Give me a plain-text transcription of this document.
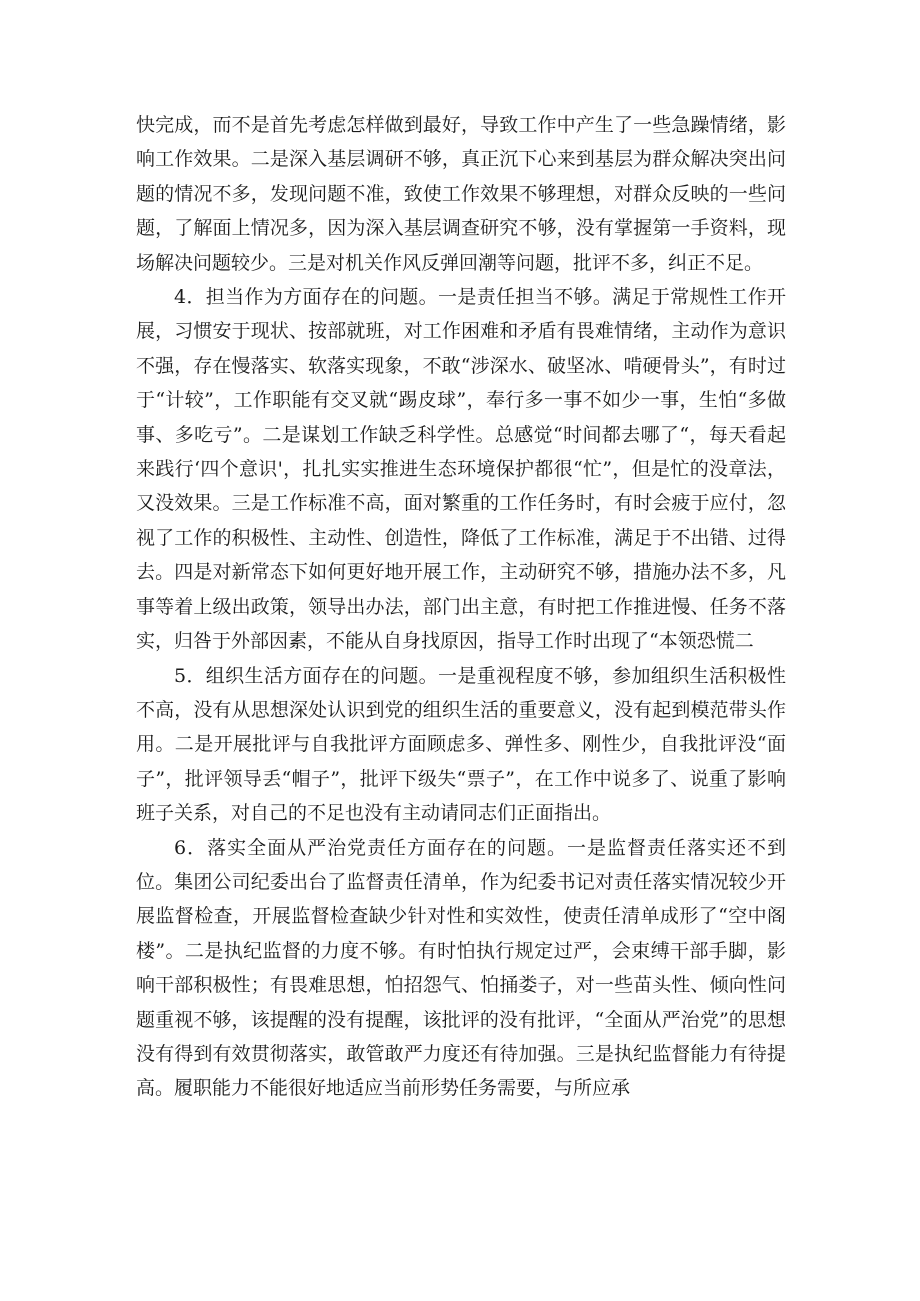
快完成，而不是首先考虑怎样做到最好，导致工作中产生了一些急躁情绪，影响工作效果。二是深入基层调研不够，真正沉下心来到基层为群众解决突出问题的情况不多，发现问题不准，致使工作效果不够理想，对群众反映的一些问题，了解面上情况多，因为深入基层调查研究不够，没有掌握第一手资料，现场解决问题较少。三是对机关作风反弹回潮等问题，批评不多，纠正不足。

4．担当作为方面存在的问题。一是责任担当不够。满足于常规性工作开展，习惯安于现状、按部就班，对工作困难和矛盾有畏难情绪，主动作为意识不强，存在慢落实、软落实现象，不敢“涉深水、破坚冰、啃硬骨头”，有时过于“计较”，工作职能有交叉就“踢皮球”，奉行多一事不如少一事，生怕“多做事、多吃亏”。二是谋划工作缺乏科学性。总感觉“时间都去哪了“，每天看起来践行‘四个意识'，扎扎实实推进生态环境保护都很“忙”，但是忙的没章法，又没效果。三是工作标准不高，面对繁重的工作任务时，有时会疲于应付，忽视了工作的积极性、主动性、创造性，降低了工作标准，满足于不出错、过得去。四是对新常态下如何更好地开展工作，主动研究不够，措施办法不多，凡事等着上级出政策，领导出办法，部门出主意，有时把工作推进慢、任务不落实，归咎于外部因素，不能从自身找原因，指导工作时出现了“本领恐慌二

5．组织生活方面存在的问题。一是重视程度不够，参加组织生活积极性不高，没有从思想深处认识到党的组织生活的重要意义，没有起到模范带头作用。二是开展批评与自我批评方面顾虑多、弹性多、刚性少，自我批评没“面子”，批评领导丢“帽子”，批评下级失“票子”，在工作中说多了、说重了影响班子关系，对自己的不足也没有主动请同志们正面指出。

6．落实全面从严治党责任方面存在的问题。一是监督责任落实还不到位。集团公司纪委出台了监督责任清单，作为纪委书记对责任落实情况较少开展监督检查，开展监督检查缺少针对性和实效性，使责任清单成形了“空中阁楼”。二是执纪监督的力度不够。有时怕执行规定过严，会束缚干部手脚，影响干部积极性；有畏难思想，怕招怨气、怕捅娄子，对一些苗头性、倾向性问题重视不够，该提醒的没有提醒，该批评的没有批评，“全面从严治党”的思想没有得到有效贯彻落实，敢管敢严力度还有待加强。三是执纪监督能力有待提高。履职能力不能很好地适应当前形势任务需要，与所应承
